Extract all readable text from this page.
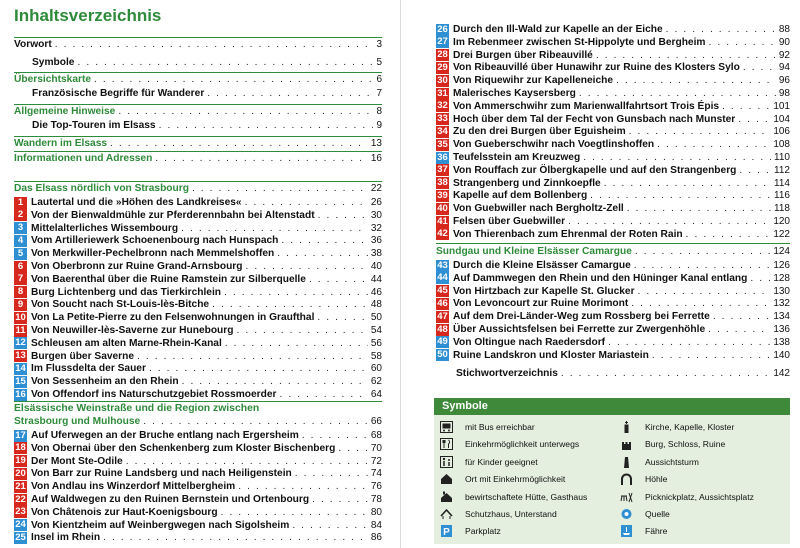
Inhaltsverzeichnis
Vorwort . . .	3
Symbole . . .	5
Übersichtskarte . . .	6
Französische Begriffe für Wanderer . . .	7
Allgemeine Hinweise . . .	8
Die Top-Touren im Elsass . . .	9
Wandern im Elsass . . .	13
Informationen und Adressen . . .	16
Das Elsass nördlich von Strasbourg . . .	22
1 Lautertal und die »Höhen des Landkreises« . . .	26
2 Von der Bienwaldmühle zur Pferderennbahn bei Altenstadt . . .	30
3 Mittelalterliches Wissembourg . . .	32
4 Vom Artilleriewerk Schoenenbourg nach Hunspach . . .	36
5 Von Merkwiller-Pechelbronn nach Memmelshoffen . . .	38
6 Von Oberbronn zur Ruine Grand-Arnsbourg . . .	40
7 Von Baerenthal über die Ruine Ramstein zur Silberquelle . . .	44
8 Burg Lichtenberg und das Tierkirchlein . . .	46
9 Von Soucht nach St-Louis-lès-Bitche . . .	48
10 Von La Petite-Pierre zu den Felsenwohnungen in Graufthal . . .	50
11 Von Neuwiller-lès-Saverne zur Hunebourg . . .	54
12 Schleusen am alten Marne-Rhein-Kanal . . .	56
13 Burgen über Saverne . . .	58
14 Im Flussdelta der Sauer . . .	60
15 Von Sessenheim an den Rhein . . .	62
16 Von Offendorf ins Naturschutzgebiet Rossmoerder . . .	64
Elsässische Weinstraße und die Region zwischen
Strasbourg und Mulhouse . . .	66
17 Auf Uferwegen an der Bruche entlang nach Ergersheim . . .	68
18 Von Obernai über den Schenkenberg zum Kloster Bischenberg . . .	70
19 Der Mont Ste-Odile . . .	72
20 Von Barr zur Ruine Landsberg und nach Heiligenstein . . .	74
21 Von Andlau ins Winzerdorf Mittelbergheim . . .	76
22 Auf Waldwegen zu den Ruinen Bernstein und Ortenbourg . . .	78
23 Von Châtenois zur Haut-Koenigsbourg . . .	80
24 Von Kientzheim auf Weinbergwegen nach Sigolsheim . . .	84
25 Insel im Rhein . . .	86
26 Durch den Ill-Wald zur Kapelle an der Eiche . . .	88
27 Im Rebenmeer zwischen St-Hippolyte und Bergheim . . .	90
28 Drei Burgen über Ribeauvillé . . .	92
29 Von Ribeauvillé über Hunawihr zur Ruine des Klosters Sylo . . .	94
30 Von Riquewihr zur Kapelleneiche . . .	96
31 Malerisches Kaysersberg . . .	98
32 Von Ammerschwihr zum Marienwallfahrtsort Trois Épis . . .	101
33 Hoch über dem Tal der Fecht von Gunsbach nach Munster . . .	104
34 Zu den drei Burgen über Eguisheim . . .	106
35 Von Gueberschwihr nach Voegtlinshoffen . . .	108
36 Teufelsstein am Kreuzweg . . .	110
37 Von Rouffach zur Ölbergkapelle und auf den Strangenberg . . .	112
38 Strangenberg und Zinnkoepfle . . .	114
39 Kapelle auf dem Bollenberg . . .	116
40 Von Guebwiller nach Bergholtz-Zell . . .	118
41 Felsen über Guebwiller . . .	120
42 Von Thierenbach zum Ehrenmal der Roten Rain . . .	122
Sundgau und Kleine Elsässer Camargue . . .	124
43 Durch die Kleine Elsässer Camargue . . .	126
44 Auf Dammwegen den Rhein und den Hüninger Kanal entlang . . .	128
45 Von Hirtzbach zur Kapelle St. Glucker . . .	130
46 Von Levoncourt zur Ruine Morimont . . .	132
47 Auf dem Drei-Länder-Weg zum Rossberg bei Ferrette . . .	134
48 Über Aussichtsfelsen bei Ferrette zur Zwergenhöhle . . .	136
49 Von Oltingue nach Raedersdorf . . .	138
50 Ruine Landskron und Kloster Mariastein . . .	140
Stichwortverzeichnis . . .	142
Symbole
mit Bus erreichbar
Einkehrmöglichkeit unterwegs
für Kinder geeignet
Ort mit Einkehrmöglichkeit
bewirtschaftete Hütte, Gasthaus
Schutzhaus, Unterstand
P Parkplatz
Kirche, Kapelle, Kloster
Burg, Schloss, Ruine
Aussichtsturm
Höhle
Picknickplatz, Aussichtsplatz
Quelle
Fähre
